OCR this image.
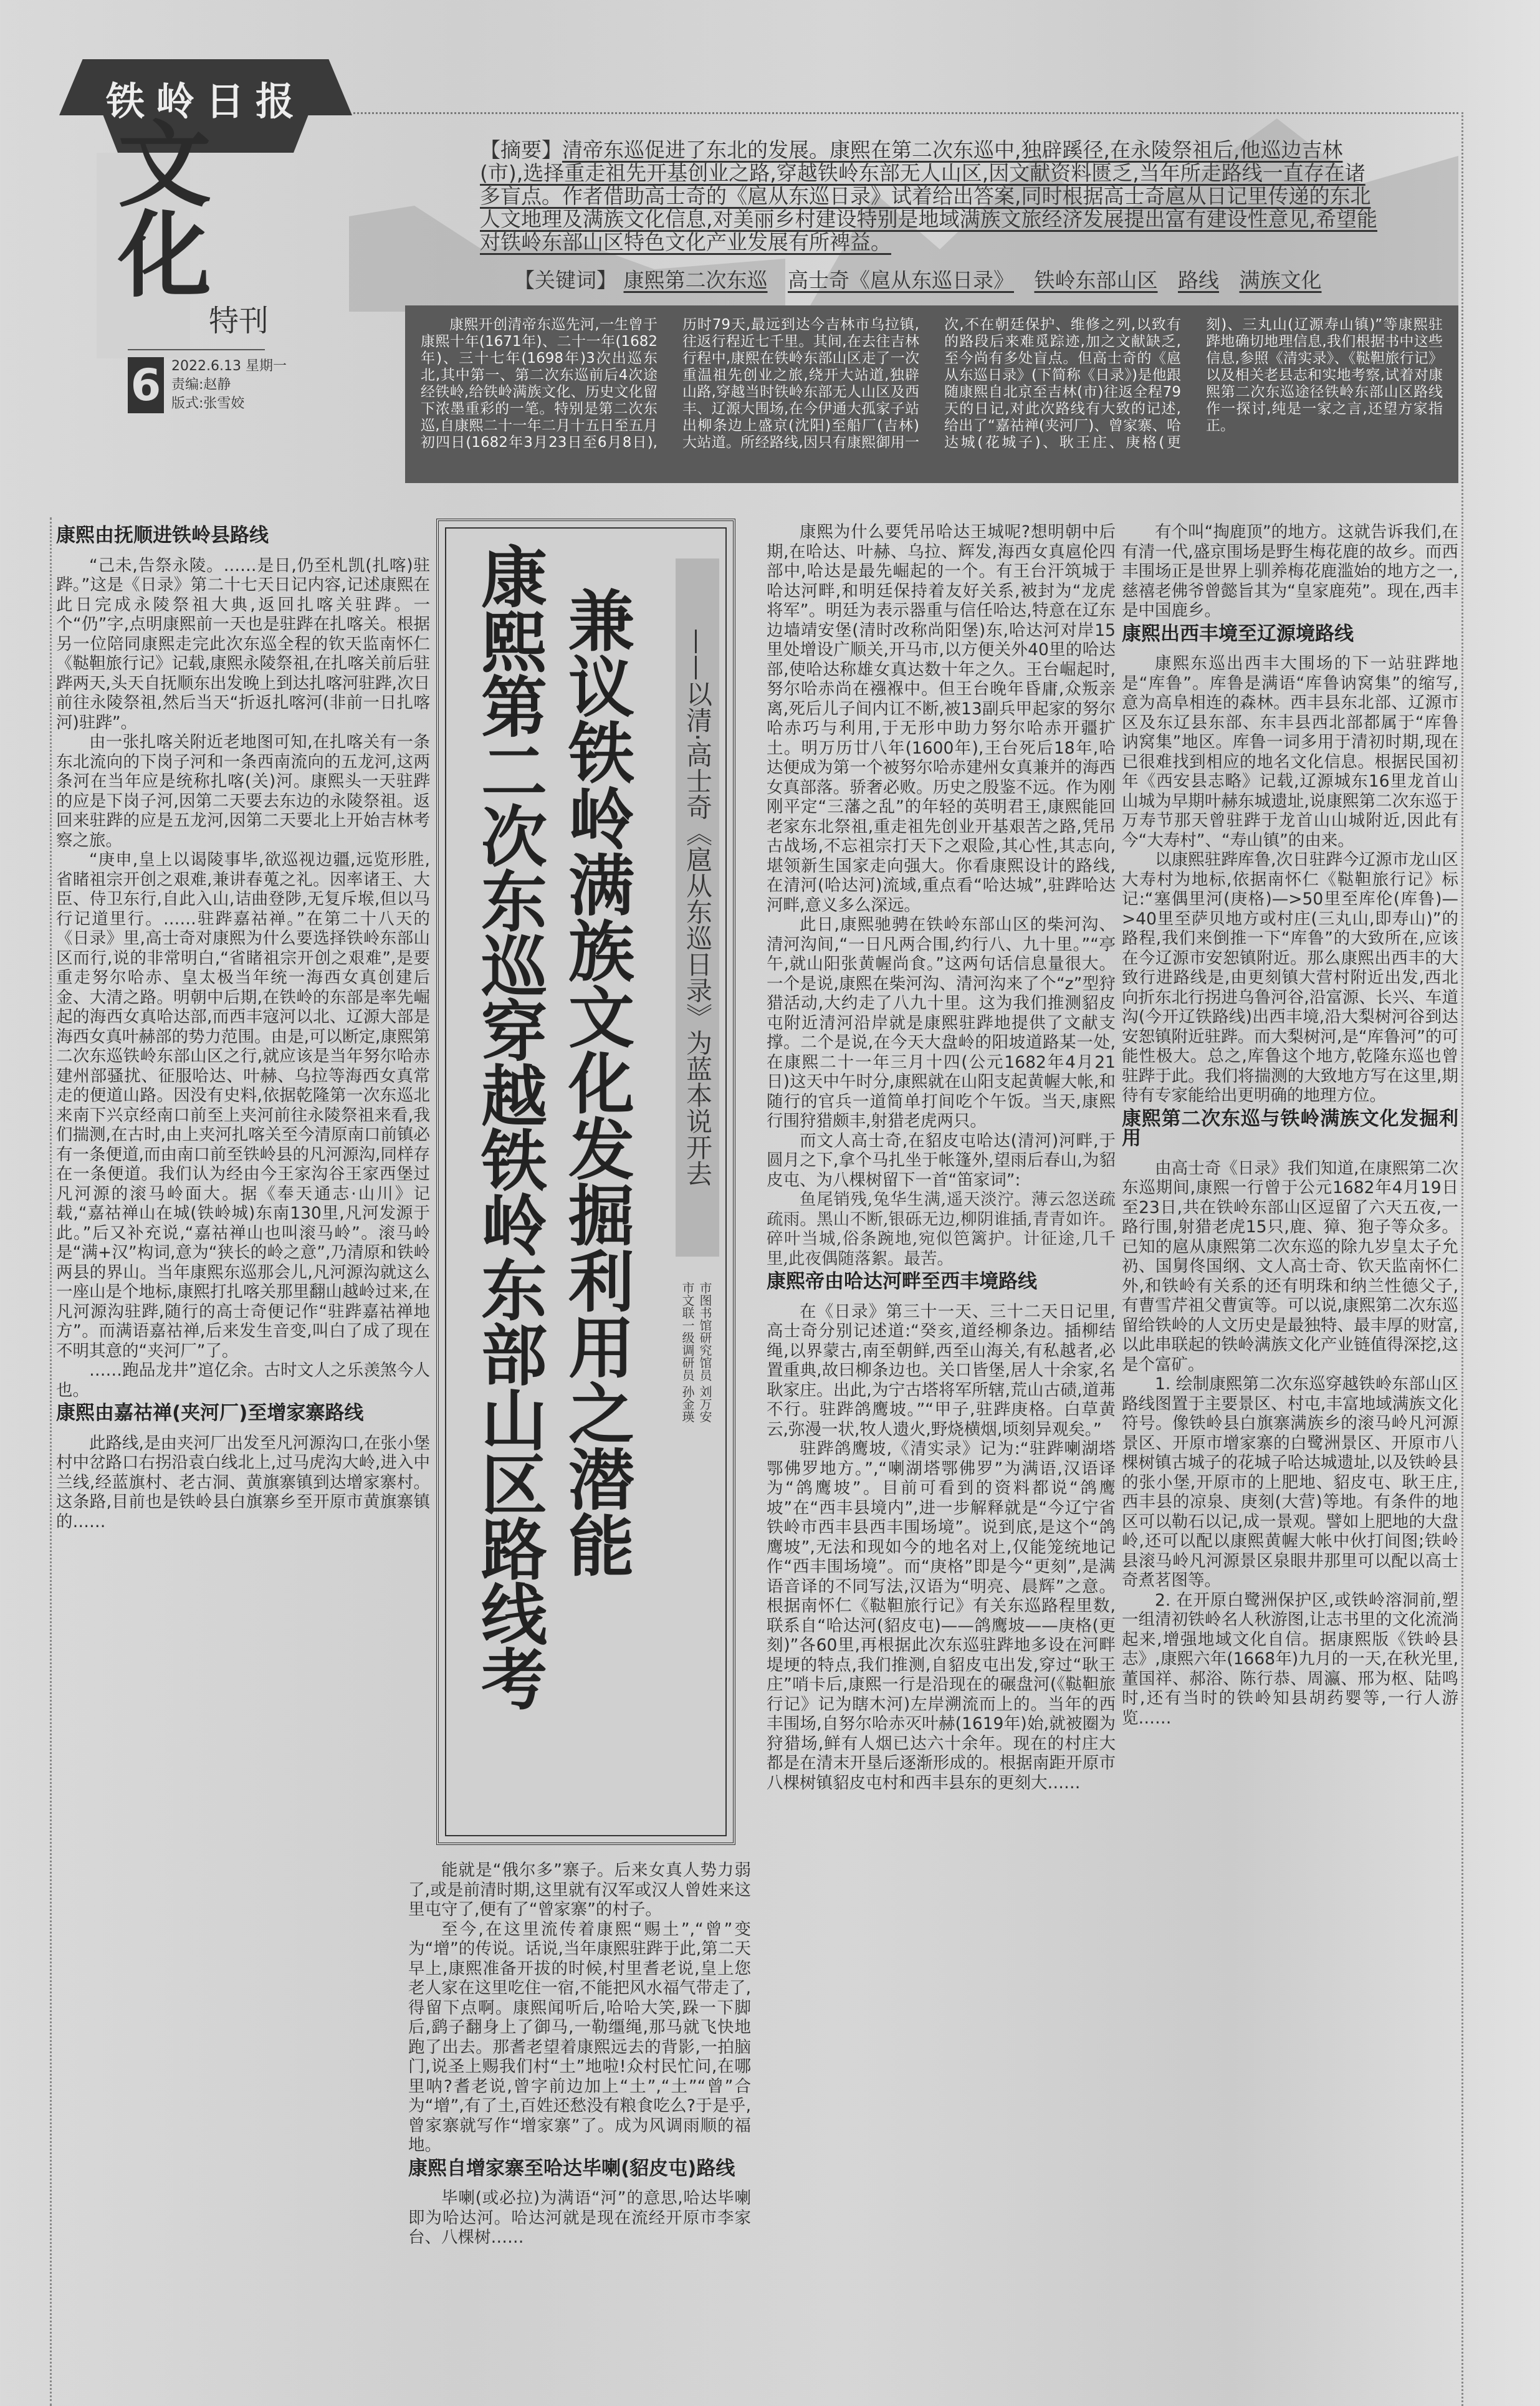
铁岭日报
文化
特刊
6 2022.6.13 星期一
责编:赵静
版式:张雪姣
【摘要】清帝东巡促进了东北的发展。康熙在第二次东巡中,独辟蹊径,在永陵祭祖后,他巡边吉林(市),选择重走祖先开基创业之路,穿越铁岭东部无人山区,因文献资料匮乏,当年所走路线一直存在诸多盲点。作者借助高士奇的《扈从东巡日录》试着给出答案,同时根据高士奇扈从日记里传递的东北人文地理及满族文化信息,对美丽乡村建设特别是地域满族文旅经济发展提出富有建设性意见,希望能对铁岭东部山区特色文化产业发展有所裨益。
【关键词】 康熙第二次东巡 高士奇《扈从东巡日录》 铁岭东部山区 路线 满族文化
康熙开创清帝东巡先河,一生曾于康熙十年(1671年)、二十一年(1682年)、三十七年(1698年)3次出巡东北,其中第一、第二次东巡前后4次途经铁岭,给铁岭满族文化、历史文化留下浓墨重彩的一笔。特别是第二次东巡,自康熙二十一年二月十五日至五月初四日(1682年3月23日至6月8日),历时79天,最远到达今吉林市乌拉镇,往返行程近七千里。其间,在去往吉林行程中,康熙在铁岭东部山区走了一次重温祖先创业之旅,绕开大站道,独辟山路,穿越当时铁岭东部无人山区及西丰、辽源大围场,在今伊通大孤家子站出柳条边上盛京(沈阳)至船厂(吉林)大站道。所经路线,因只有康熙御用一次,不在朝廷保护、维修之列,以致有的路段后来难觅踪迹,加之文献缺乏,至今尚有多处盲点。但高士奇的《扈从东巡日录》(下简称《日录》)是他跟随康熙自北京至吉林(市)往返全程79天的日记,对此次路线有大致的记述,给出了“嘉祜禅(夹河厂)、曾家寨、哈达城(花城子)、耿王庄、庚格(更刻)、三丸山(辽源寿山镇)”等康熙驻跸地确切地理信息,我们根据书中这些信息,参照《清实录》、《鞑靼旅行记》以及相关老县志和实地考察,试着对康熙第二次东巡途径铁岭东部山区路线作一探讨,纯是一家之言,还望方家指正。
康熙第二次东巡穿越铁岭东部山区路线考 兼议铁岭满族文化发掘利用之潜能 ——以清·高士奇《扈从东巡日录》为蓝本说开去
市图书馆研究馆员 刘万安
市文联一级调研员 孙金瑛
康熙由抚顺进铁岭县路线

“己未,告祭永陵。……是日,仍至札凯(扎喀)驻跸。”这是《日录》第二十七天日记内容,记述康熙在此日完成永陵祭祖大典,返回扎喀关驻跸。一个“仍”字,点明康熙前一天也是驻跸在扎喀关。根据另一位陪同康熙走完此次东巡全程的钦天监南怀仁《鞑靼旅行记》记载,康熙永陵祭祖,在扎喀关前后驻跸两天,头天自抚顺东出发晚上到达扎喀河驻跸,次日前往永陵祭祖,然后当天“折返扎喀河(非前一日扎喀河)驻跸”。

由一张扎喀关附近老地图可知,在扎喀关有一条东北流向的下岗子河和一条西南流向的五龙河,这两条河在当年应是统称扎喀(关)河。康熙头一天驻跸的应是下岗子河,因第二天要去东边的永陵祭祖。返回来驻跸的应是五龙河,因第二天要北上开始吉林考察之旅。

“庚申,皇上以谒陵事毕,欲巡视边疆,远览形胜,省睹祖宗开创之艰难,兼讲春蒐之礼。因率诸王、大臣、侍卫东行,自此入山,诘曲登陟,无复斥堠,但以马行记道里行。……驻跸嘉祜禅。”在第二十八天的《日录》里,高士奇对康熙为什么要选择铁岭东部山区而行,说的非常明白,“省睹祖宗开创之艰难”,是要重走努尔哈赤、皇太极当年统一海西女真创建后金、大清之路。明朝中后期,在铁岭的东部是率先崛起的海西女真哈达部,而西丰寇河以北、辽源大部是海西女真叶赫部的势力范围。由是,可以断定,康熙第二次东巡铁岭东部山区之行,就应该是当年努尔哈赤建州部骚扰、征服哈达、叶赫、乌拉等海西女真常走的便道山路。因没有史料,依据乾隆第一次东巡北来南下兴京经南口前至上夹河前往永陵祭祖来看,我们揣测,在古时,由上夹河扎喀关至今清原南口前镇必有一条便道,而由南口前至铁岭县的凡河源沟,同样存在一条便道。我们认为经由今王家沟谷王家西堡过凡河源的滚马岭面大。据《奉天通志·山川》记载,“嘉祜禅山在城(铁岭城)东南130里,凡河发源于此。”后又补充说,“嘉祜禅山也叫滚马岭”。滚马岭是“满+汉”构词,意为“狭长的岭之意”,乃清原和铁岭两县的界山。当年康熙东巡那会儿,凡河源沟就这么一座山是个地标,康熙打扎喀关那里翻山越岭过来,在凡河源沟驻跸,随行的高士奇便记作“驻跸嘉祜禅地方”。而满语嘉祜禅,后来发生音变,叫白了成了现在不明其意的“夹河厂”了。

……跑品龙井”逭亿余。古时文人之乐羡煞今人也。

康熙由嘉祜禅(夹河厂)至增家寨路线

此路线,是由夹河厂出发至凡河源沟口,在张小堡村中岔路口右拐沿袁白线北上,过马虎沟大岭,进入中兰线,经蓝旗村、老古洞、黄旗寨镇到达增家寨村。这条路,目前也是铁岭县白旗寨乡至开原市黄旗寨镇的……

能就是“俄尔多”寨子。后来女真人势力弱了,或是前清时期,这里就有汉军或汉人曾姓来这里屯守了,便有了“曾家寨”的村子。

至今,在这里流传着康熙“赐土”,“曾”变为“增”的传说。话说,当年康熙驻跸于此,第二天早上,康熙准备开拔的时候,村里耆老说,皇上您老人家在这里吃住一宿,不能把风水福气带走了,得留下点啊。康熙闻听后,哈哈大笑,跺一下脚后,鹞子翻身上了御马,一勒缰绳,那马就飞快地跑了出去。那耆老望着康熙远去的背影,一拍脑门,说圣上赐我们村“土”地啦!众村民忙问,在哪里呐?耆老说,曾字前边加上“土”,“土”“曾”合为“增”,有了土,百姓还愁没有粮食吃么?于是乎,曾家寨就写作“增家寨”了。成为风调雨顺的福地。

康熙自增家寨至哈达毕喇(貂皮屯)路线

毕喇(或必拉)为满语“河”的意思,哈达毕喇即为哈达河。哈达河就是现在流经开原市李家台、八棵树……

康熙为什么要凭吊哈达王城呢?想明朝中后期,在哈达、叶赫、乌拉、辉发,海西女真扈伦四部中,哈达是最先崛起的一个。有王台汗筑城于哈达河畔,和明廷保持着友好关系,被封为“龙虎将军”。明廷为表示器重与信任哈达,特意在辽东边墙靖安堡(清时改称尚阳堡)东,哈达河对岸15里处增设广顺关,开马市,以方便关外40里的哈达部,使哈达称雄女真达数十年之久。王台崛起时,努尔哈赤尚在襁褓中。但王台晚年昏庸,众叛亲离,死后儿子间内讧不断,被13副兵甲起家的努尔哈赤巧与利用,于无形中助力努尔哈赤开疆扩土。明万历廿八年(1600年),王台死后18年,哈达便成为第一个被努尔哈赤建州女真兼并的海西女真部落。骄奢必败。历史之殷鉴不远。作为刚刚平定“三藩之乱”的年轻的英明君王,康熙能回老家东北祭祖,重走祖先创业开基艰苦之路,凭吊古战场,不忘祖宗打天下之艰险,其心性,其志向,堪领新生国家走向强大。你看康熙设计的路线,在清河(哈达河)流域,重点看“哈达城”,驻跸哈达河畔,意义多么深远。

此日,康熙驰骋在铁岭东部山区的柴河沟、清河沟间,“一日凡两合围,约行八、九十里。”“亭午,就山阳张黄幄尚食。”这两句话信息量很大。一个是说,康熙在柴河沟、清河沟来了个“z”型狩猎活动,大约走了八九十里。这为我们推测貂皮屯附近清河沿岸就是康熙驻跸地提供了文献支撑。二个是说,在今天大盘岭的阳坡道路某一处,在康熙二十一年三月十四(公元1682年4月21日)这天中午时分,康熙就在山阳支起黄幄大帐,和随行的官兵一道简单打间吃个午饭。当天,康熙行围狩猎颇丰,射猎老虎两只。

而文人高士奇,在貂皮屯哈达(清河)河畔,于圆月之下,拿个马扎坐于帐篷外,望雨后春山,为貂皮屯、为八棵树留下一首“笛家词”:

鱼尾销残,兔华生满,遥天淡泞。薄云忽送疏疏雨。黑山不断,银砾无边,柳阴谁插,青青如许。碎叶当城,俗条踠地,宛似笆篱护。计征途,几千里,此夜偶随落絮。最苦。

康熙帝由哈达河畔至西丰境路线

在《日录》第三十一天、三十二天日记里,高士奇分别记述道:“癸亥,道经柳条边。插柳结绳,以界蒙古,南至朝鲜,西至山海关,有私越者,必置重典,故曰柳条边也。关口皆堡,居人十余家,名耿家庄。出此,为宁古塔将军所辖,荒山古碛,道茀不行。驻跸鸽鹰坡。”“甲子,驻跸庚格。白草黄云,弥漫一状,牧人遗火,野烧横烟,顷刻异观矣。”

驻跸鸽鹰坡,《清实录》记为:“驻跸喇湖塔鄂佛罗地方。”,“喇湖塔鄂佛罗”为满语,汉语译为“鸽鹰坡”。目前可看到的资料都说“鸽鹰坡”在“西丰县境内”,进一步解释就是“今辽宁省铁岭市西丰县西丰围场境”。说到底,是这个“鸽鹰坡”,无法和现如今的地名对上,仅能笼统地记作“西丰围场境”。而“庚格”即是今“更刻”,是满语音译的不同写法,汉语为“明亮、晨辉”之意。根据南怀仁《鞑靼旅行记》有关东巡路程里数,联系自“哈达河(貂皮屯)——鸽鹰坡——庚格(更刻)”各60里,再根据此次东巡驻跸地多设在河畔堤埂的特点,我们推测,自貂皮屯出发,穿过“耿王庄”哨卡后,康熙一行是沿现在的碾盘河(《鞑靼旅行记》记为瞎木河)左岸溯流而上的。当年的西丰围场,自努尔哈赤灭叶赫(1619年)始,就被圈为狩猎场,鲜有人烟已达六十余年。现在的村庄大都是在清末开垦后逐渐形成的。根据南距开原市八棵树镇貂皮屯村和西丰县东的更刻大……

有个叫“掏鹿顶”的地方。这就告诉我们,在有清一代,盛京围场是野生梅花鹿的故乡。而西丰围场正是世界上驯养梅花鹿滥始的地方之一,慈禧老佛爷曾懿旨其为“皇家鹿苑”。现在,西丰是中国鹿乡。

康熙出西丰境至辽源境路线

康熙东巡出西丰大围场的下一站驻跸地是“库鲁”。库鲁是满语“库鲁讷窝集”的缩写,意为高阜相连的森林。西丰县东北部、辽源市区及东辽县东部、东丰县西北部都属于“库鲁讷窝集”地区。库鲁一词多用于清初时期,现在已很难找到相应的地名文化信息。根据民国初年《西安县志略》记载,辽源城东16里龙首山山城为早期叶赫东城遗址,说康熙第二次东巡于万寿节那天曾驻跸于龙首山山城附近,因此有今“大寿村”、“寿山镇”的由来。

以康熙驻跸库鲁,次日驻跸今辽源市龙山区大寿村为地标,依据南怀仁《鞑靼旅行记》标记:“塞偶里河(庚格)—>50里至库伦(库鲁)—>40里至萨贝地方或村庄(三丸山,即寿山)”的路程,我们来倒推一下“库鲁”的大致所在,应该在今辽源市安恕镇附近。那么康熙出西丰的大致行进路线是,由更刻镇大营村附近出发,西北向折东北行拐进乌鲁河谷,沿富源、长兴、车道沟(今开辽铁路线)出西丰境,沿大梨树河谷到达安恕镇附近驻跸。而大梨树河,是“库鲁河”的可能性极大。总之,库鲁这个地方,乾隆东巡也曾驻跸于此。我们将揣测的大致地方写在这里,期待有专家能给出更明确的地理方位。

康熙第二次东巡与铁岭满族文化发掘利用

由高士奇《日录》我们知道,在康熙第二次东巡期间,康熙一行曾于公元1682年4月19日至23日,共在铁岭东部山区逗留了六天五夜,一路行围,射猎老虎15只,鹿、獐、狍子等众多。已知的扈从康熙第二次东巡的除九岁皇太子允礽、国舅佟国纲、文人高士奇、钦天监南怀仁外,和铁岭有关系的还有明珠和纳兰性德父子,有曹雪芹祖父曹寅等。可以说,康熙第二次东巡留给铁岭的人文历史是最独特、最丰厚的财富,以此串联起的铁岭满族文化产业链值得深挖,这是个富矿。

1. 绘制康熙第二次东巡穿越铁岭东部山区路线图置于主要景区、村屯,丰富地域满族文化符号。像铁岭县白旗寨满族乡的滚马岭凡河源景区、开原市增家寨的白鹭洲景区、开原市八棵树镇古城子的花城子哈达城遗址,以及铁岭县的张小堡,开原市的上肥地、貂皮屯、耿王庄,西丰县的凉泉、庚刻(大营)等地。有条件的地区可以勒石以记,成一景观。譬如上肥地的大盘岭,还可以配以康熙黄幄大帐中伙打间图;铁岭县滚马岭凡河源景区泉眼井那里可以配以高士奇煮茗图等。

2. 在开原白鹭洲保护区,或铁岭溶洞前,塑一组清初铁岭名人秋游图,让志书里的文化流淌起来,增强地域文化自信。据康熙版《铁岭县志》,康熙六年(1668年)九月的一天,在秋光里,董国祥、郝浴、陈行恭、周瀛、邢为枢、陆鸣时,还有当时的铁岭知县胡药婴等,一行人游览……
